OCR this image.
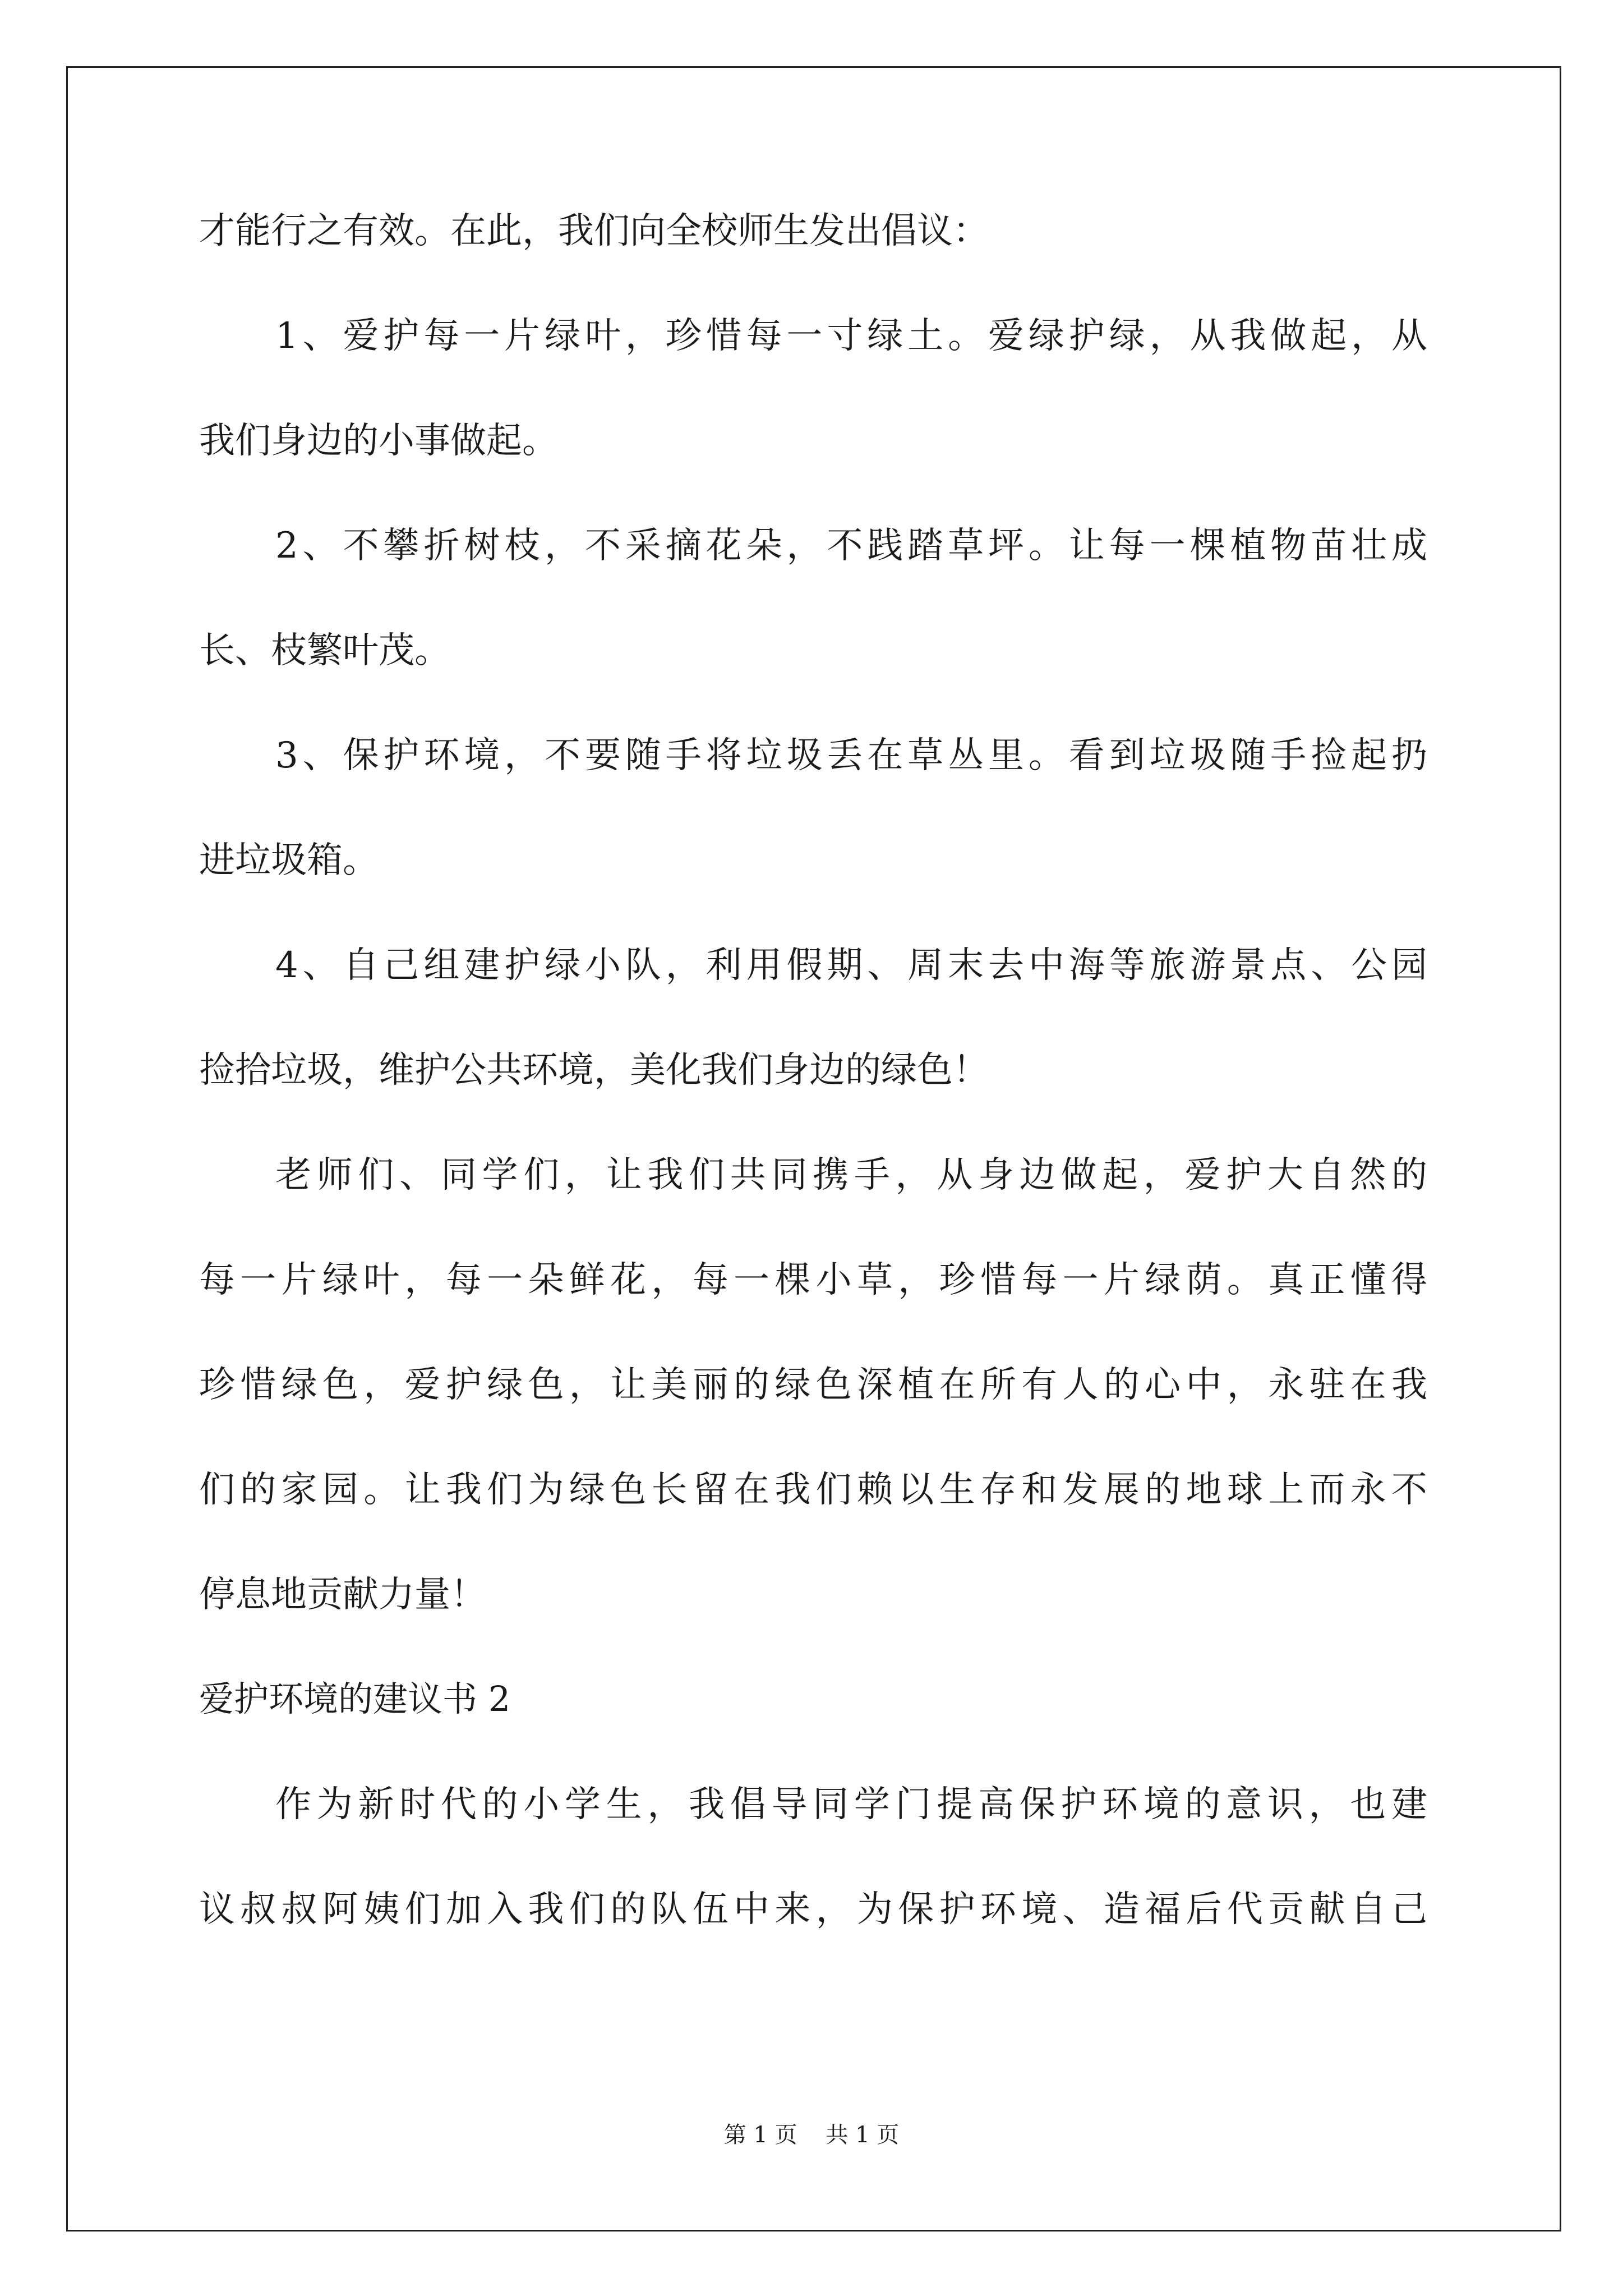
才能行之有效。在此，我们向全校师生发出倡议：
1、爱护每一片绿叶，珍惜每一寸绿土。爱绿护绿，从我做起，从
我们身边的小事做起。
2、不攀折树枝，不采摘花朵，不践踏草坪。让每一棵植物苗壮成
长、枝繁叶茂。
3、保护环境，不要随手将垃圾丢在草丛里。看到垃圾随手捡起扔
进垃圾箱。
4、自己组建护绿小队，利用假期、周末去中海等旅游景点、公园
捡拾垃圾，维护公共环境，美化我们身边的绿色！
老师们、同学们，让我们共同携手，从身边做起，爱护大自然的
每一片绿叶，每一朵鲜花，每一棵小草，珍惜每一片绿荫。真正懂得
珍惜绿色，爱护绿色，让美丽的绿色深植在所有人的心中，永驻在我
们的家园。让我们为绿色长留在我们赖以生存和发展的地球上而永不
停息地贡献力量！
爱护环境的建议书 2
作为新时代的小学生，我倡导同学门提高保护环境的意识，也建
议叔叔阿姨们加入我们的队伍中来，为保护环境、造福后代贡献自己
第 1 页    共 1 页
